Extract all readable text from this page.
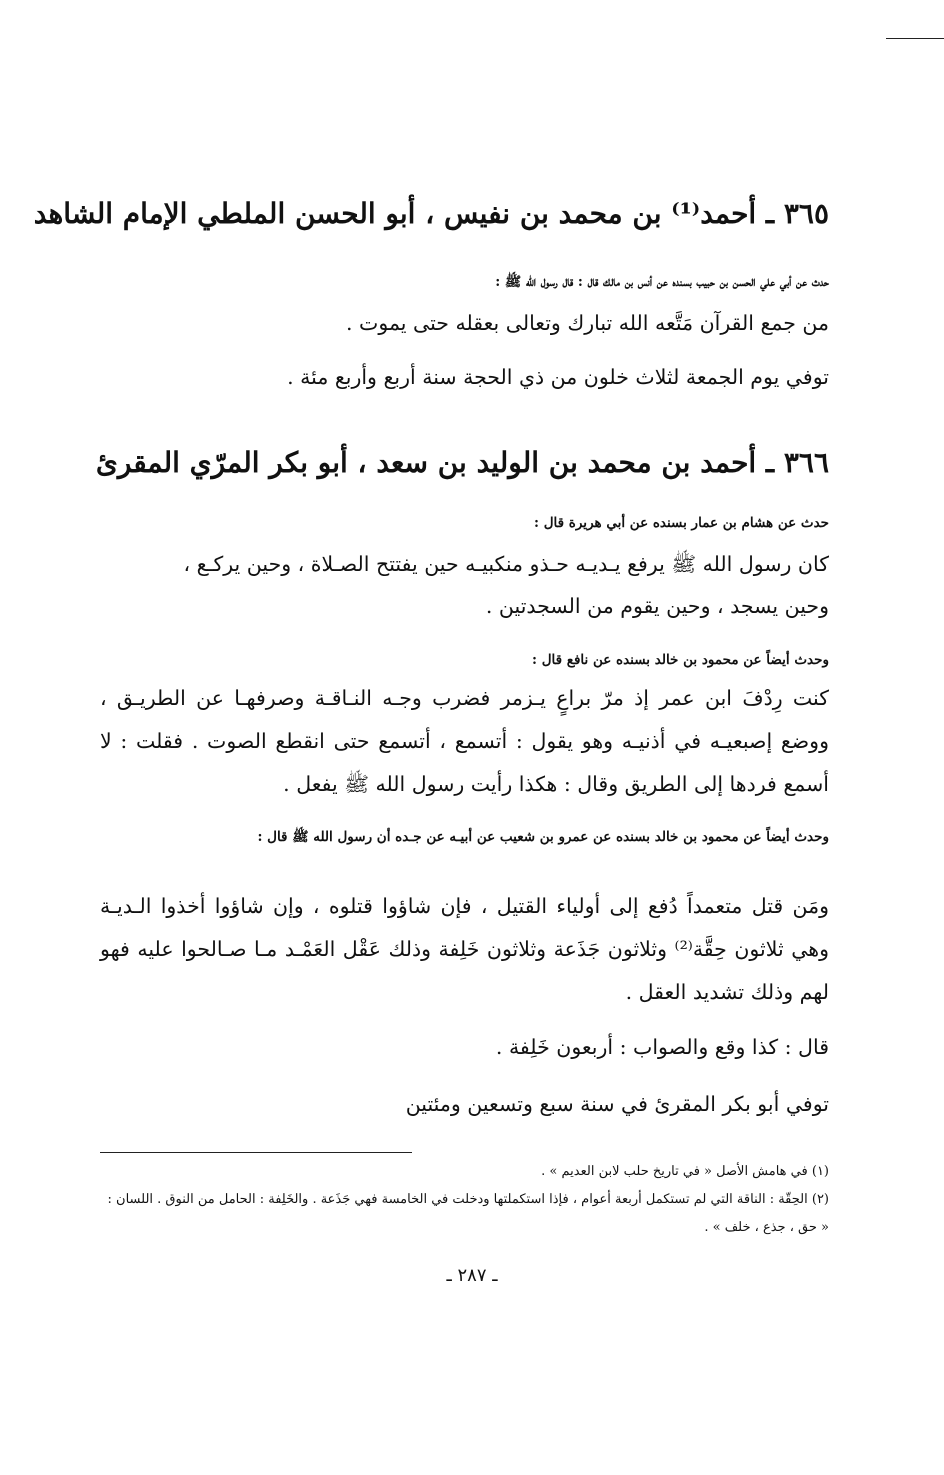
٣٦٥ ـ أحمد⁽¹⁾ بن محمد بن نفيس ، أبو الحسن الملطي الإمام الشاهد
حدث عن أبي علي الحسن بن حبيب بسنده عن أنس بن مالك قال : قال رسول الله ﷺ :
من جمع القرآن مَتَّعه الله تبارك وتعالى بعقله حتى يموت .
توفي يوم الجمعة لثلاث خلون من ذي الحجة سنة أربع وأربع مئة .
٣٦٦ ـ أحمد بن محمد بن الوليد بن سعد ، أبو بكر المرّي المقرئ
حدث عن هشام بن عمار بسنده عن أبي هريرة قال :
كان رسول الله ﷺ يرفع يـديـه حـذو منكبيـه حين يفتتح الصـلاة ، وحين يركـع ،
وحين يسجد ، وحين يقوم من السجدتين .
وحدث أيضاً عن محمود بن خالد بسنده عن نافع قال :
كنت رِدْفَ ابن عمر إذ مرّ براعٍ يـزمر فضرب وجـه النـاقـة وصرفهـا عن الطريـق ، ووضع إصبعيـه في أذنيـه وهو يقول : أتسمع ، أتسمع حتى انقطع الصوت . فقلت : لا أسمع فردها إلى الطريق وقال : هكذا رأيت رسول الله ﷺ يفعل .
وحدث أيضاً عن محمود بن خالد بسنده عن عمرو بن شعيب عن أبيـه عن جـده أن رسول الله ﷺ قال :
ومَن قتل متعمداً دُفع إلى أولياء القتيل ، فإن شاؤوا قتلوه ، وإن شاؤوا أخذوا الـديـة وهي ثلاثون حِقَّة⁽²⁾ وثلاثون جَذَعة وثلاثون خَلِفة وذلك عَقْل العَمْـد مـا صـالحوا عليه فهو لهم وذلك تشديد العقل .
قال : كذا وقع والصواب : أربعون خَلِفة .
توفي أبو بكر المقرئ في سنة سبع وتسعين ومئتين
(١) في هامش الأصل « في تاريخ حلب لابن العديم » .
(٢) الحِقّة : الناقة التي لم تستكمل أربعة أعوام ، فإذا استكملتها ودخلت في الخامسة فهي جَذَعة . والخَلِفة : الحامل من النوق . اللسان : « حق ، جذع ، خلف » .
ـ ٢٨٧ ـ
